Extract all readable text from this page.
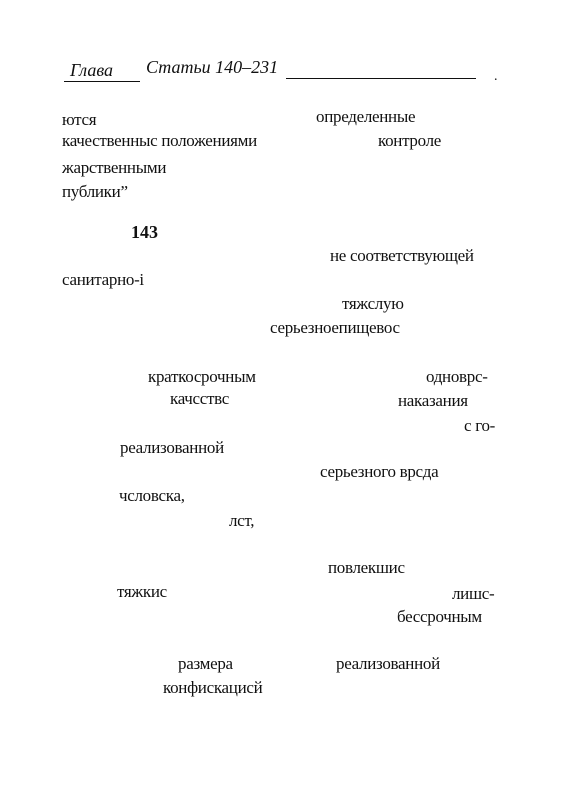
Глава Статьи 140–231	.
ются	определенные
качественныс положениями	контроле
жарственными
публики”
143
не соответствующей
санитарно-і
тяжслую
серьезноепищевос
краткосрочным	одноврс-
качсствс	наказания
с го-
реализованной
серьезного врсда
чсловска,
лст,
повлекшис
тяжкис	лишс-
бессрочным
размера	реализованной
конфискацисй
